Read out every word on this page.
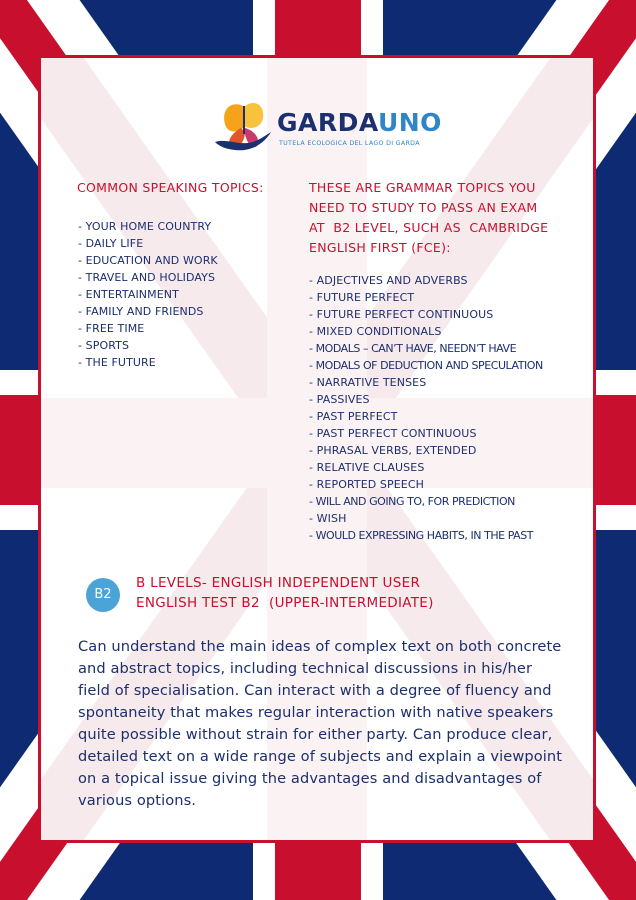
GARDAUNO
TUTELA ECOLOGICA DEL LAGO DI GARDA
COMMON SPEAKING TOPICS:
- YOUR HOME COUNTRY
- DAILY LIFE
- EDUCATION AND WORK
- TRAVEL AND HOLIDAYS
- ENTERTAINMENT
- FAMILY AND FRIENDS
- FREE TIME
- SPORTS
- THE FUTURE
THESE ARE GRAMMAR TOPICS YOU
NEED TO STUDY TO PASS AN EXAM
AT  B2 LEVEL, SUCH AS  CAMBRIDGE
ENGLISH FIRST (FCE):
- ADJECTIVES AND ADVERBS
- FUTURE PERFECT
- FUTURE PERFECT CONTINUOUS
- MIXED CONDITIONALS
- MODALS – CAN’T HAVE, NEEDN’T HAVE
- MODALS OF DEDUCTION AND SPECULATION
- NARRATIVE TENSES
- PASSIVES
- PAST PERFECT
- PAST PERFECT CONTINUOUS
- PHRASAL VERBS, EXTENDED
- RELATIVE CLAUSES
- REPORTED SPEECH
- WILL AND GOING TO, FOR PREDICTION
- WISH
- WOULD EXPRESSING HABITS, IN THE PAST
B2
B LEVELS- ENGLISH INDEPENDENT USER
ENGLISH TEST B2  (UPPER-INTERMEDIATE)
Can understand the main ideas of complex text on both concrete and abstract topics, including technical discussions in his/her field of specialisation. Can interact with a degree of fluency and spontaneity that makes regular interaction with native speakers quite possible without strain for either party. Can produce clear, detailed text on a wide range of subjects and explain a viewpoint on a topical issue giving the advantages and disadvantages of various options.
